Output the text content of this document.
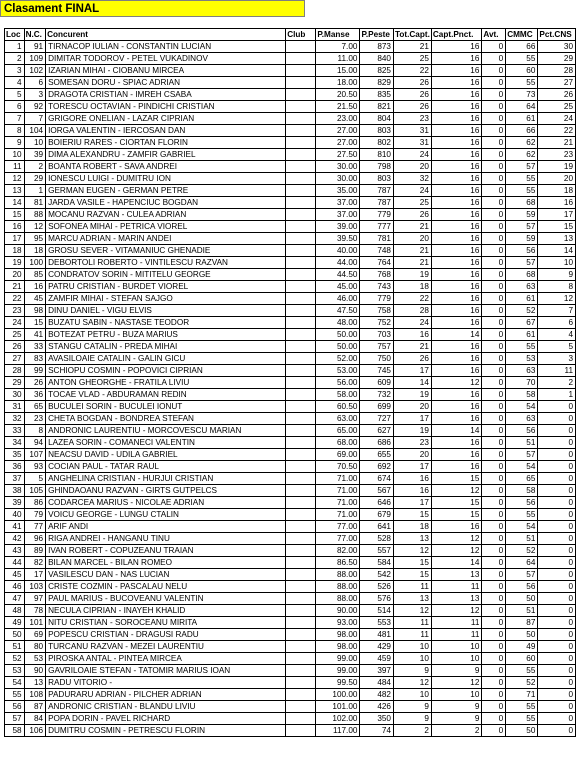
Clasament FINAL
Loc	N.C.	Concurent	Club	P.Manse	P.Peste	Tot.Capt.	Capt.Pnct.	Avt.	CMMC	Pct.CNS
1	91	TIRNACOP IULIAN - CONSTANTIN LUCIAN		7.00	873	21	16	0	66	30
2	109	DIMITAR TODOROV - PETEL VUKADINOV		11.00	840	25	16	0	55	29
3	102	IZARIAN MIHAI - CIOBANU MIRCEA		15.00	825	22	16	0	60	28
4	6	SOMESAN DORU - SPIAC ADRIAN		18.00	829	26	16	0	55	27
5	3	DRAGOTA CRISTIAN - IMREH CSABA		20.50	835	26	16	0	73	26
6	92	TORESCU OCTAVIAN - PINDICHI CRISTIAN		21.50	821	26	16	0	64	25
7	7	GRIGORE ONELIAN - LAZAR CIPRIAN		23.00	804	23	16	0	61	24
8	104	IORGA VALENTIN - IERCOSAN DAN		27.00	803	31	16	0	66	22
9	10	BOIERIU RARES - CIORTAN FLORIN		27.00	802	31	16	0	62	21
10	39	DIMA ALEXANDRU - ZAMFIR GABRIEL		27.50	810	24	16	0	62	23
11	2	BOANTA ROBERT - SAVA ANDREI		30.00	798	20	16	0	57	19
12	29	IONESCU LUIGI - DUMITRU ION		30.00	803	32	16	0	55	20
13	1	GERMAN EUGEN - GERMAN PETRE		35.00	787	24	16	0	55	18
14	81	JARDA VASILE - HAPENCIUC BOGDAN		37.00	787	25	16	0	68	16
15	88	MOCANU RAZVAN - CULEA ADRIAN		37.00	779	26	16	0	59	17
16	12	SOFONEA MIHAI - PETRICA VIOREL		39.00	777	21	16	0	57	15
17	95	MARCU ADRIAN - MARIN ANDEI		39.50	781	20	16	0	59	13
18	18	GROSU SEVER - VITAMANIUC GHENADIE		40.00	748	21	16	0	56	14
19	100	DEBORTOLI ROBERTO - VINTILESCU RAZVAN		44.00	764	21	16	0	57	10
20	85	CONDRATOV SORIN - MITITELU GEORGE		44.50	768	19	16	0	68	9
21	16	PATRU CRISTIAN - BURDET VIOREL		45.00	743	18	16	0	63	8
22	45	ZAMFIR MIHAI - STEFAN SAJGO		46.00	779	22	16	0	61	12
23	98	DINU DANIEL - VIGU ELVIS		47.50	758	28	16	0	52	7
24	15	BUZATU SABIN - NASTASE TEODOR		48.00	752	24	16	0	67	6
25	41	BOTEZAT PETRU - BUZA MARIUS		50.00	703	16	14	0	61	4
26	33	STANGU CATALIN - PREDA MIHAI		50.00	757	21	16	0	55	5
27	83	AVASILOAIE CATALIN - GALIN GICU		52.00	750	26	16	0	53	3
28	99	SCHIOPU COSMIN - POPOVICI CIPRIAN		53.00	745	17	16	0	63	11
29	26	ANTON GHEORGHE - FRATILA LIVIU		56.00	609	14	12	0	70	2
30	36	TOCAE VLAD - ABDURAMAN REDIN		58.00	732	19	16	0	58	1
31	65	BUCULEI SORIN - BUCULEI IONUT		60.50	699	20	16	0	54	0
32	23	CHETA BOGDAN - BONDREA STEFAN		63.00	727	17	16	0	63	0
33	8	ANDRONIC LAURENTIU - MORCOVESCU MARIAN		65.00	627	19	14	0	56	0
34	94	LAZEA SORIN - COMANECI VALENTIN		68.00	686	23	16	0	51	0
35	107	NEACSU DAVID - UDILA GABRIEL		69.00	655	20	16	0	57	0
36	93	COCIAN PAUL - TATAR RAUL		70.50	692	17	16	0	54	0
37	5	ANGHELINA CRISTIAN - HURJUI CRISTIAN		71.00	674	16	15	0	65	0
38	105	GHINDAOANU RAZVAN - GIRTS GUTPELCS		71.00	567	16	12	0	58	0
39	86	CODARCEA MARIUS - NICOLAE ADRIAN		71.00	646	17	15	0	56	0
40	79	VOICU GEORGE - LUNGU CTALIN		71.00	679	15	15	0	55	0
41	77	ARIF ANDI		77.00	641	18	16	0	54	0
42	96	RIGA ANDREI - HANGANU TINU		77.00	528	13	12	0	51	0
43	89	IVAN ROBERT - COPUZEANU TRAIAN		82.00	557	12	12	0	52	0
44	82	BILAN MARCEL - BILAN ROMEO		86.50	584	15	14	0	64	0
45	17	VASILESCU DAN - NAS LUCIAN		88.00	542	15	13	0	57	0
46	103	CRISTE COZMIN - PASCALAU NELU		88.00	526	11	11	0	56	0
47	97	PAUL MARIUS - BUCOVEANU VALENTIN		88.00	576	13	13	0	50	0
48	78	NECULA CIPRIAN - INAYEH KHALID		90.00	514	12	12	0	51	0
49	101	NITU CRISTIAN - SOROCEANU MIRITA		93.00	553	11	11	0	87	0
50	69	POPESCU CRISTIAN - DRAGUSI RADU		98.00	481	11	11	0	50	0
51	80	TURCANU RAZVAN - MEZEI LAURENTIU		98.00	429	10	10	0	49	0
52	53	PIROSKA ANTAL - PINTEA MIRCEA		99.00	459	10	10	0	60	0
53	90	GAVRILOAIE STEFAN - TATOMIR MARIUS IOAN		99.00	397	9	9	0	55	0
54	13	RADU VITORIO -		99.50	484	12	12	0	52	0
55	108	PADURARU ADRIAN - PILCHER ADRIAN		100.00	482	10	10	0	71	0
56	87	ANDRONIC CRISTIAN - BLANDU LIVIU		101.00	426	9	9	0	55	0
57	84	POPA DORIN - PAVEL RICHARD		102.00	350	9	9	0	55	0
58	106	DUMITRU COSMIN - PETRESCU FLORIN		117.00	74	2	2	0	50	0
